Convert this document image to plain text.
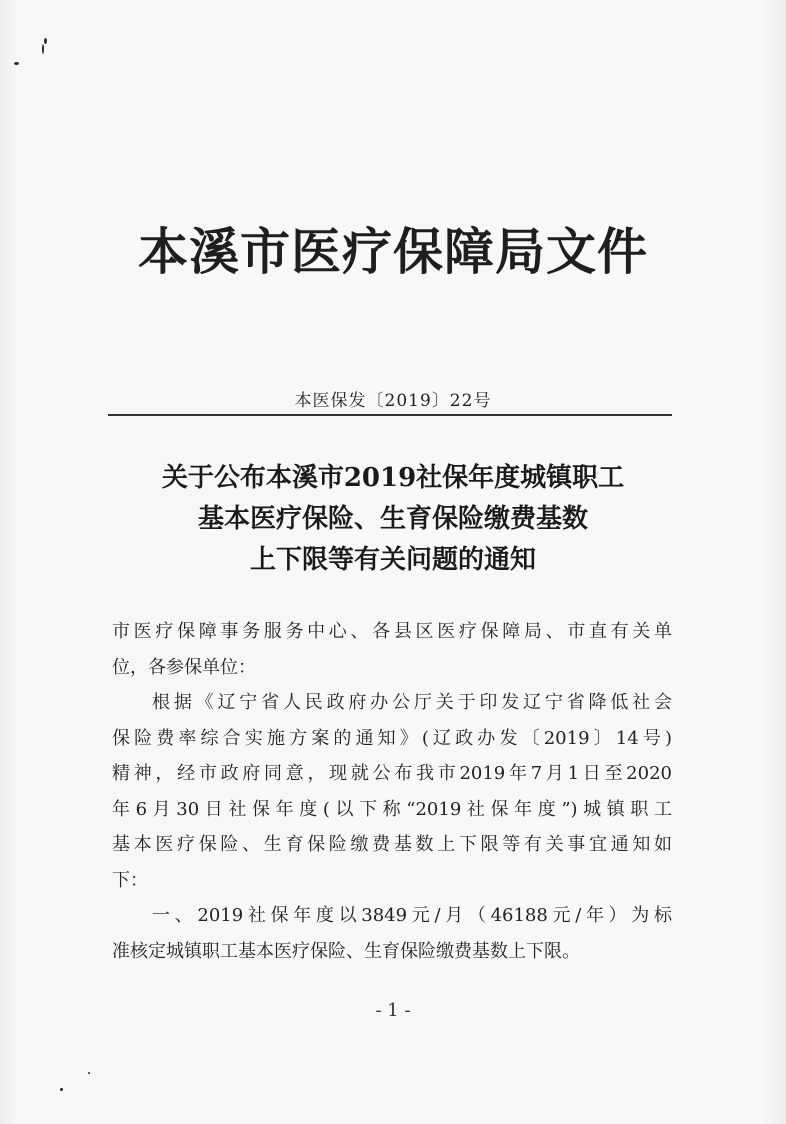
本溪市医疗保障局文件
本医保发〔2019〕22号
关于公布本溪市2019社保年度城镇职工
基本医疗保险、生育保险缴费基数
上下限等有关问题的通知

市医疗保障事务服务中心、各县区医疗保障局、市直有关单
位，各参保单位：

根据《辽宁省人民政府办公厅关于印发辽宁省降低社会
保险费率综合实施方案的通知》(辽政办发〔2019〕14号)
精神，经市政府同意，现就公布我市2019年7月1日至2020
年6月30日社保年度(以下称“2019社保年度”)城镇职工
基本医疗保险、生育保险缴费基数上下限等有关事宜通知如
下：

一、2019社保年度以3849元/月（46188元/年）为标
准核定城镇职工基本医疗保险、生育保险缴费基数上下限。

- 1 -
